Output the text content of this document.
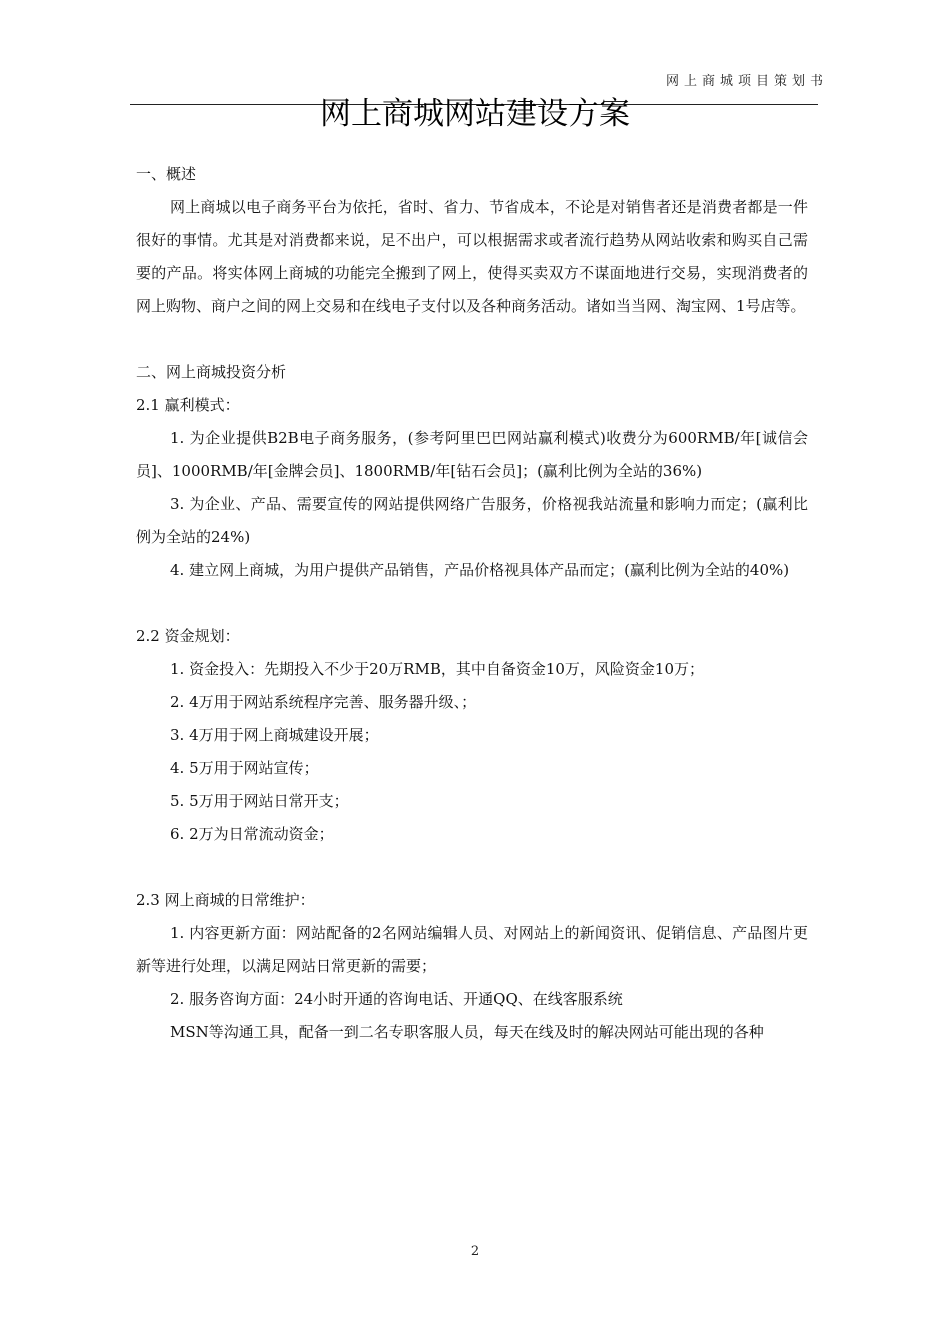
网上商城项目策划书
网上商城网站建设方案

一、概述

网上商城以电子商务平台为依托，省时、省力、节省成本，不论是对销售者还是消费者都是一件很好的事情。尤其是对消费都来说，足不出户，可以根据需求或者流行趋势从网站收索和购买自己需要的产品。将实体网上商城的功能完全搬到了网上，使得买卖双方不谋面地进行交易，实现消费者的网上购物、商户之间的网上交易和在线电子支付以及各种商务活动。诸如当当网、淘宝网、1号店等。

二、网上商城投资分析

2.1 赢利模式：

1. 为企业提供B2B电子商务服务，(参考阿里巴巴网站赢利模式)收费分为600RMB/年[诚信会员]、1000RMB/年[金牌会员]、1800RMB/年[钻石会员]；(赢利比例为全站的36%)

3. 为企业、产品、需要宣传的网站提供网络广告服务，价格视我站流量和影响力而定；(赢利比例为全站的24%)

4. 建立网上商城，为用户提供产品销售，产品价格视具体产品而定；(赢利比例为全站的40%)

2.2 资金规划：

1. 资金投入：先期投入不少于20万RMB，其中自备资金10万，风险资金10万；

2. 4万用于网站系统程序完善、服务器升级、；

3. 4万用于网上商城建设开展；

4. 5万用于网站宣传；

5. 5万用于网站日常开支；

6. 2万为日常流动资金；

2.3 网上商城的日常维护：

1. 内容更新方面：网站配备的2名网站编辑人员、对网站上的新闻资讯、促销信息、产品图片更新等进行处理，以满足网站日常更新的需要；

2. 服务咨询方面：24小时开通的咨询电话、开通QQ、在线客服系统

MSN等沟通工具，配备一到二名专职客服人员，每天在线及时的解决网站可能出现的各种

2
